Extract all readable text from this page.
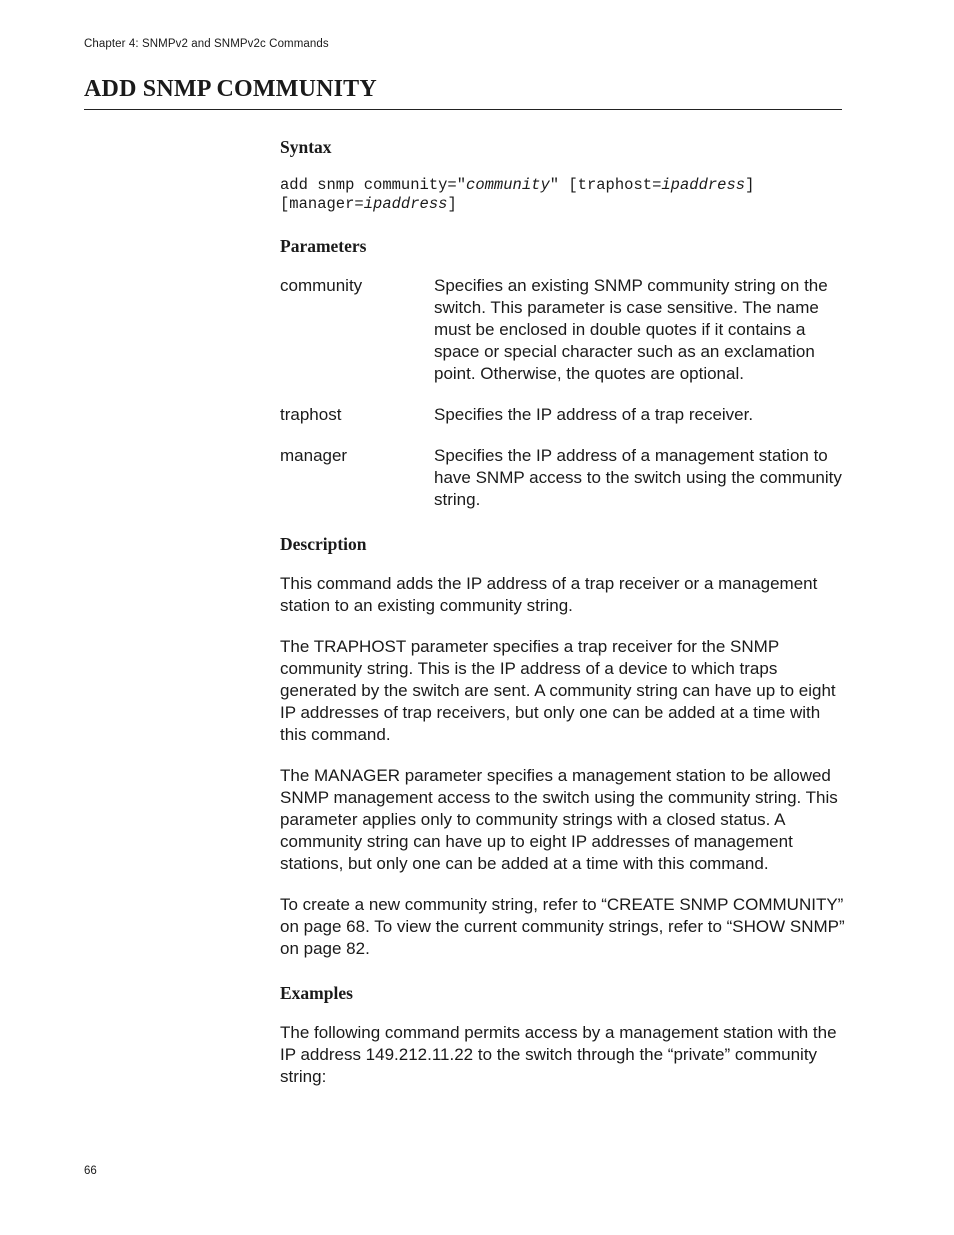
Chapter 4: SNMPv2 and SNMPv2c Commands
ADD SNMP COMMUNITY
Syntax
add snmp community="community" [traphost=ipaddress]
[manager=ipaddress]
Parameters
community	Specifies an existing SNMP community string on the switch. This parameter is case sensitive. The name must be enclosed in double quotes if it contains a space or special character such as an exclamation point. Otherwise, the quotes are optional.
traphost	Specifies the IP address of a trap receiver.
manager	Specifies the IP address of a management station to have SNMP access to the switch using the community string.
Description

This command adds the IP address of a trap receiver or a management station to an existing community string.

The TRAPHOST parameter specifies a trap receiver for the SNMP community string. This is the IP address of a device to which traps generated by the switch are sent. A community string can have up to eight IP addresses of trap receivers, but only one can be added at a time with this command.

The MANAGER parameter specifies a management station to be allowed SNMP management access to the switch using the community string. This parameter applies only to community strings with a closed status. A community string can have up to eight IP addresses of management stations, but only one can be added at a time with this command.

To create a new community string, refer to “CREATE SNMP COMMUNITY” on page 68. To view the current community strings, refer to “SHOW SNMP” on page 82.

Examples

The following command permits access by a management station with the IP address 149.212.11.22 to the switch through the “private” community string:

66
